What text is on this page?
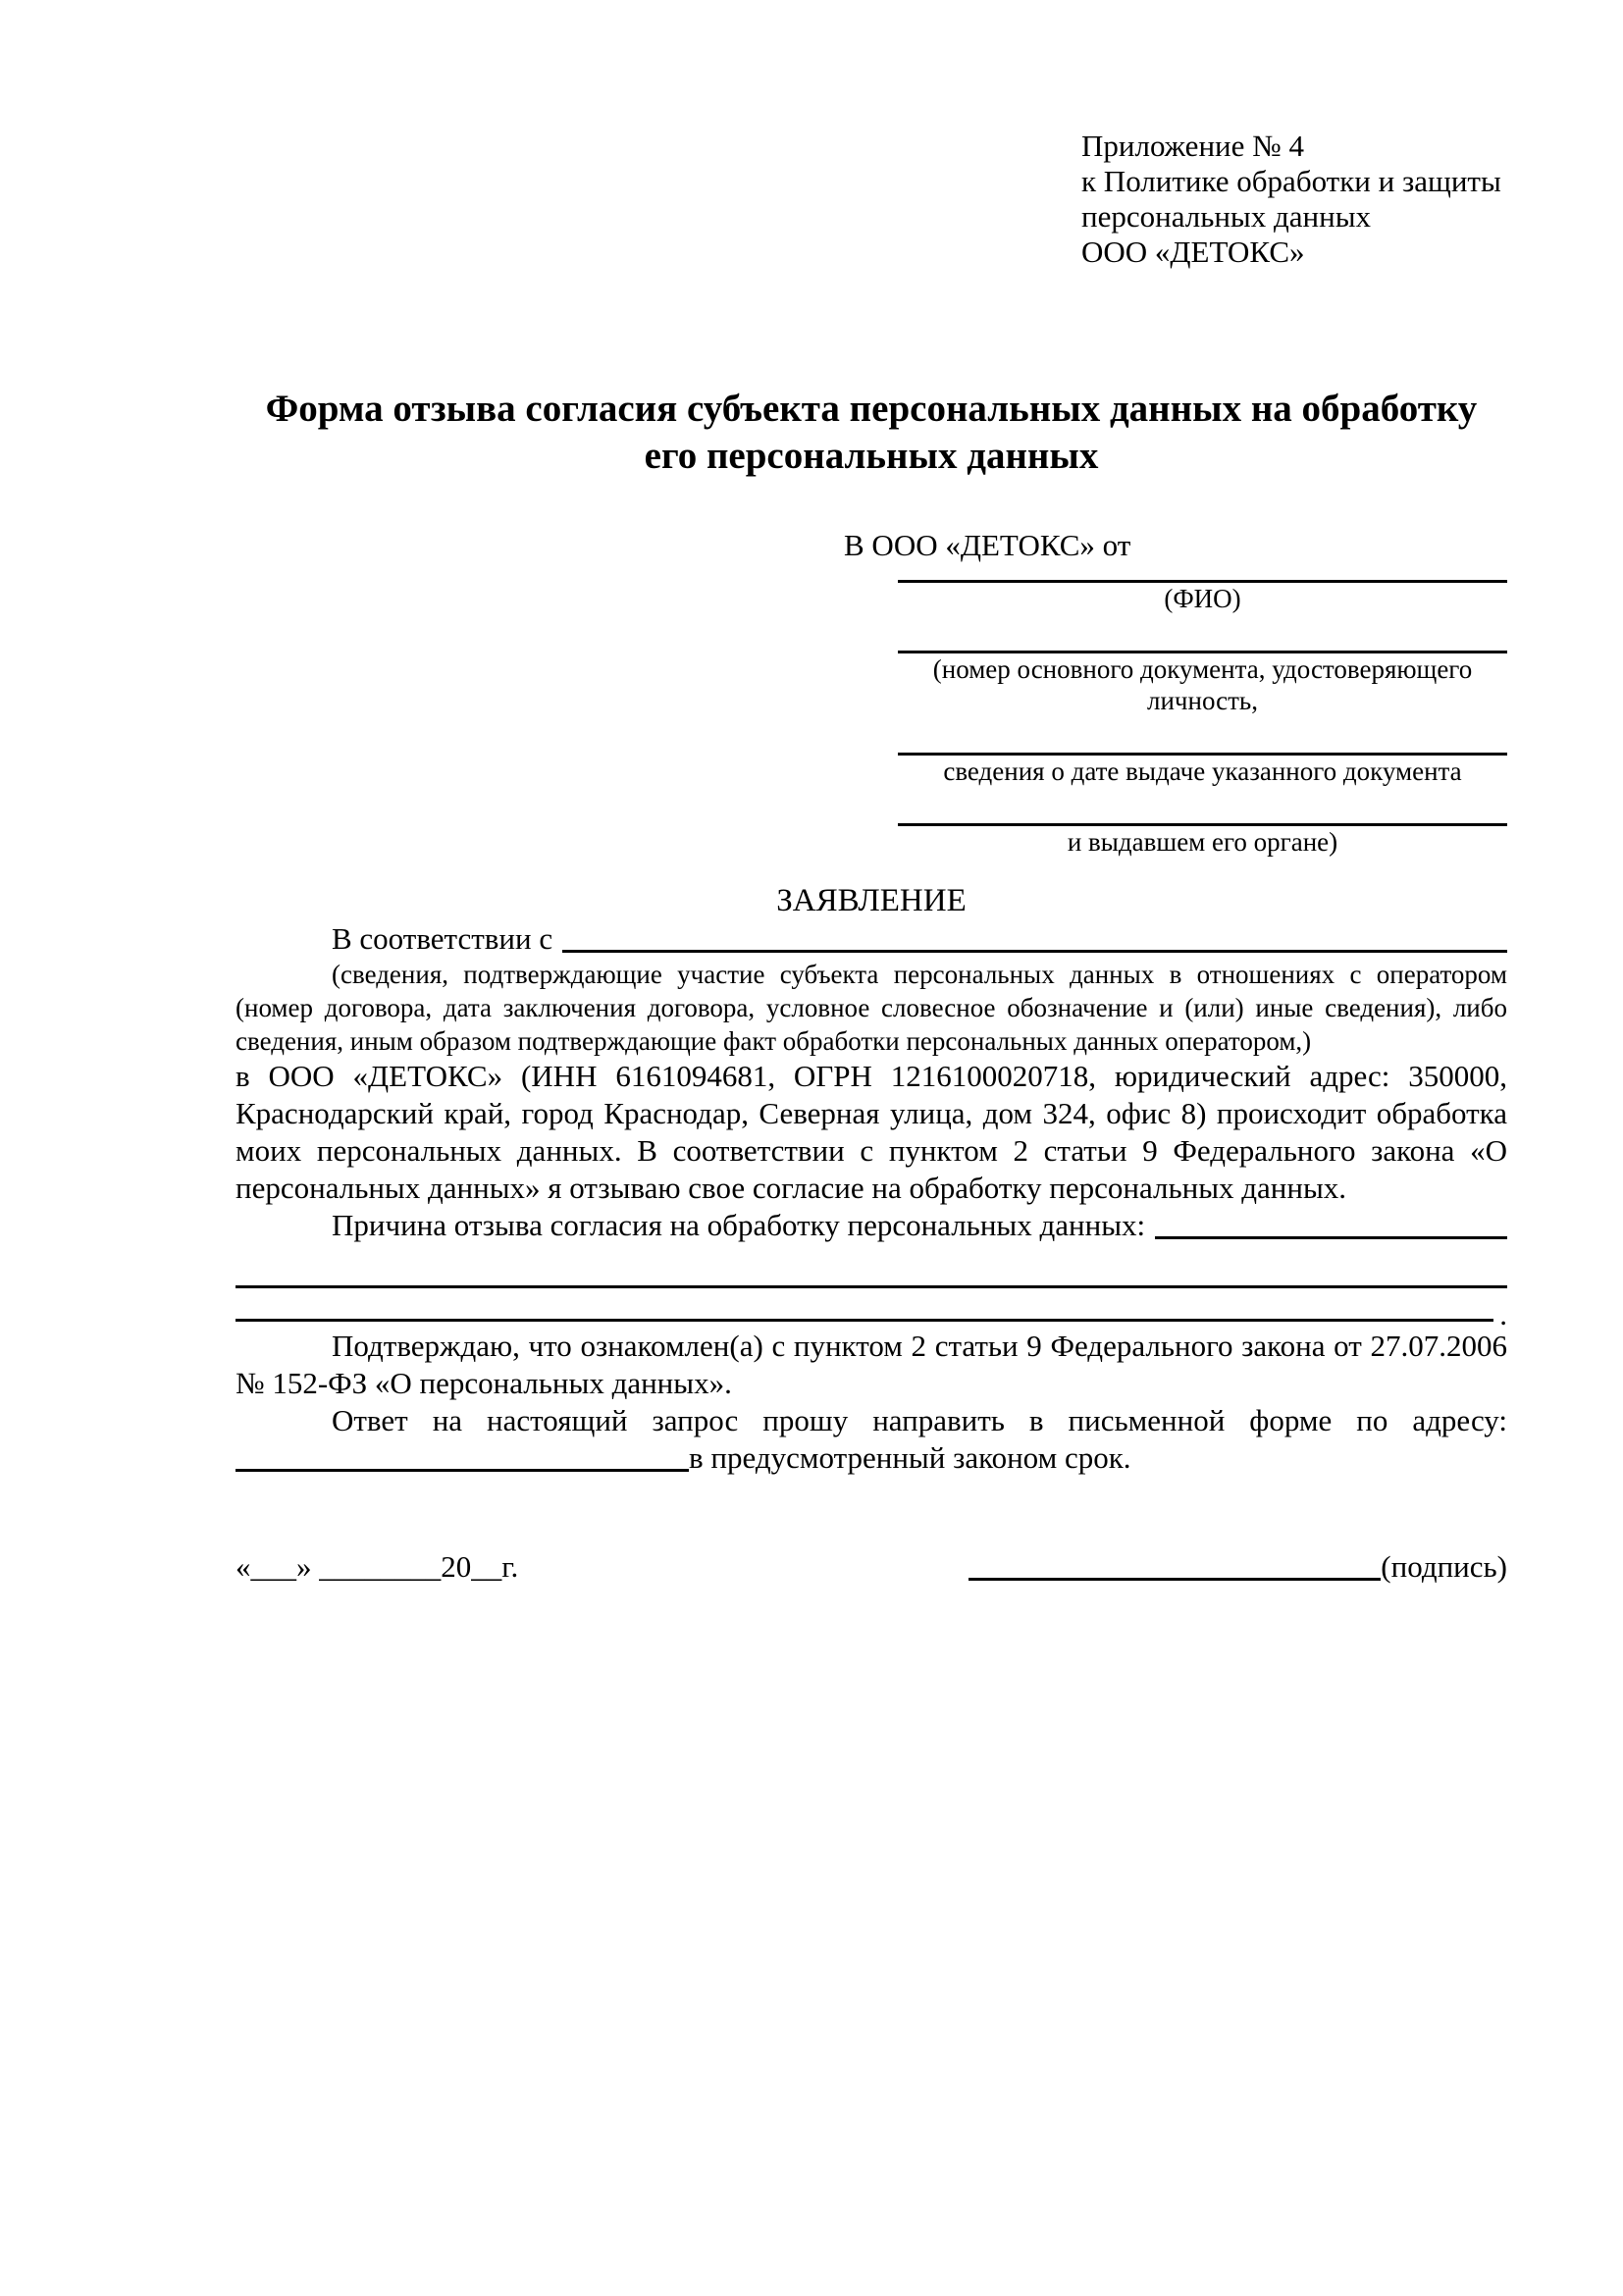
Приложение № 4
к Политике обработки и защиты
персональных данных
ООО «ДЕТОКС»
Форма отзыва согласия субъекта персональных данных на обработку
его персональных данных
В ООО «ДЕТОКС» от
(ФИО)
(номер основного документа, удостоверяющего личность,
сведения о дате выдаче указанного документа
и выдавшем его органе)
ЗАЯВЛЕНИЕ
В соответствии с
(сведения, подтверждающие участие субъекта персональных данных в отношениях с оператором (номер договора, дата заключения договора, условное словесное обозначение и (или) иные сведения), либо сведения, иным образом подтверждающие факт обработки персональных данных оператором,)
в ООО «ДЕТОКС» (ИНН 6161094681, ОГРН 1216100020718, юридический адрес: 350000, Краснодарский край, город Краснодар, Северная улица, дом 324, офис 8) происходит обработка моих персональных данных. В соответствии с пунктом 2 статьи 9 Федерального закона «О персональных данных» я отзываю свое согласие на обработку персональных данных.
Причина отзыва согласия на обработку персональных данных:
.
Подтверждаю, что ознакомлен(а) с пунктом 2 статьи 9 Федерального закона от 27.07.2006 № 152-ФЗ «О персональных данных».
Ответ на настоящий запрос прошу направить в письменной форме по адресу:
в предусмотренный законом срок.
«___» ________20__г.	(подпись)
